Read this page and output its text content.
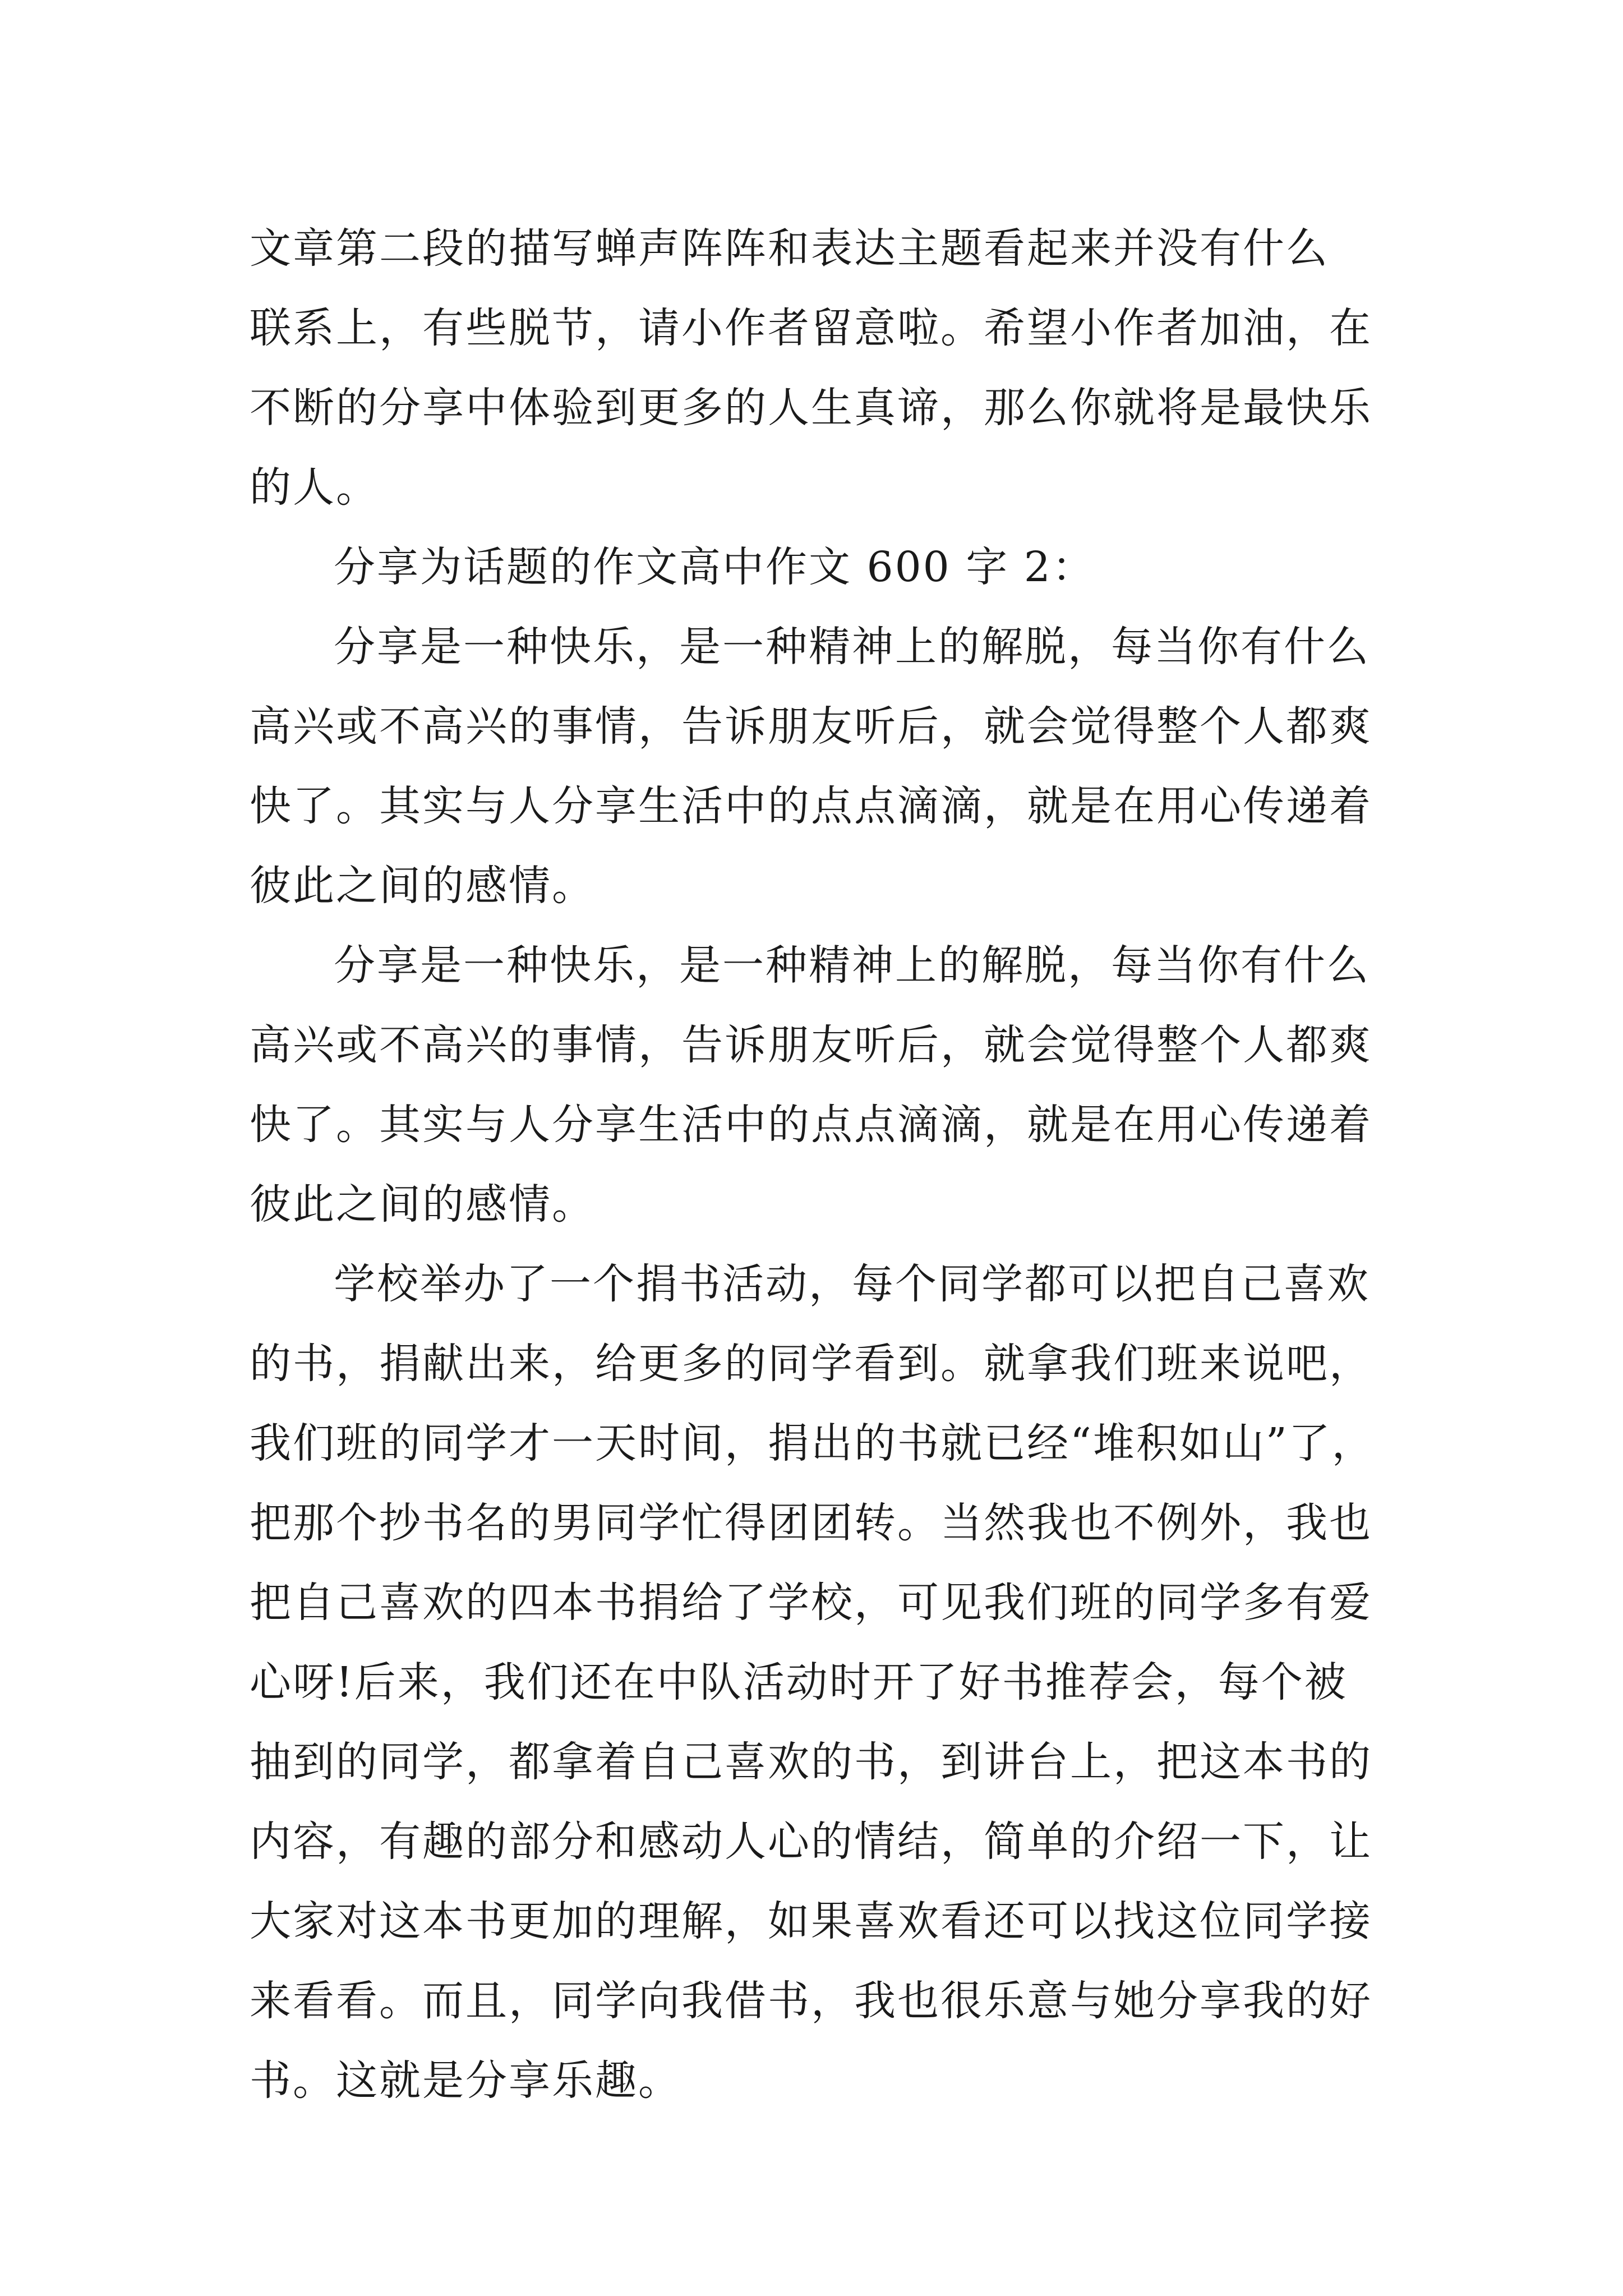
文章第二段的描写蝉声阵阵和表达主题看起来并没有什么
联系上，有些脱节，请小作者留意啦。希望小作者加油，在
不断的分享中体验到更多的人生真谛，那么你就将是最快乐
的人。
分享为话题的作文高中作文 600 字 2：
分享是一种快乐，是一种精神上的解脱，每当你有什么
高兴或不高兴的事情，告诉朋友听后，就会觉得整个人都爽
快了。其实与人分享生活中的点点滴滴，就是在用心传递着
彼此之间的感情。
分享是一种快乐，是一种精神上的解脱，每当你有什么
高兴或不高兴的事情，告诉朋友听后，就会觉得整个人都爽
快了。其实与人分享生活中的点点滴滴，就是在用心传递着
彼此之间的感情。
学校举办了一个捐书活动，每个同学都可以把自己喜欢
的书，捐献出来，给更多的同学看到。就拿我们班来说吧，
我们班的同学才一天时间，捐出的书就已经“堆积如山”了，
把那个抄书名的男同学忙得团团转。当然我也不例外，我也
把自己喜欢的四本书捐给了学校，可见我们班的同学多有爱
心呀!后来，我们还在中队活动时开了好书推荐会，每个被
抽到的同学，都拿着自己喜欢的书，到讲台上，把这本书的
内容，有趣的部分和感动人心的情结，简单的介绍一下，让
大家对这本书更加的理解，如果喜欢看还可以找这位同学接
来看看。而且，同学向我借书，我也很乐意与她分享我的好
书。这就是分享乐趣。
